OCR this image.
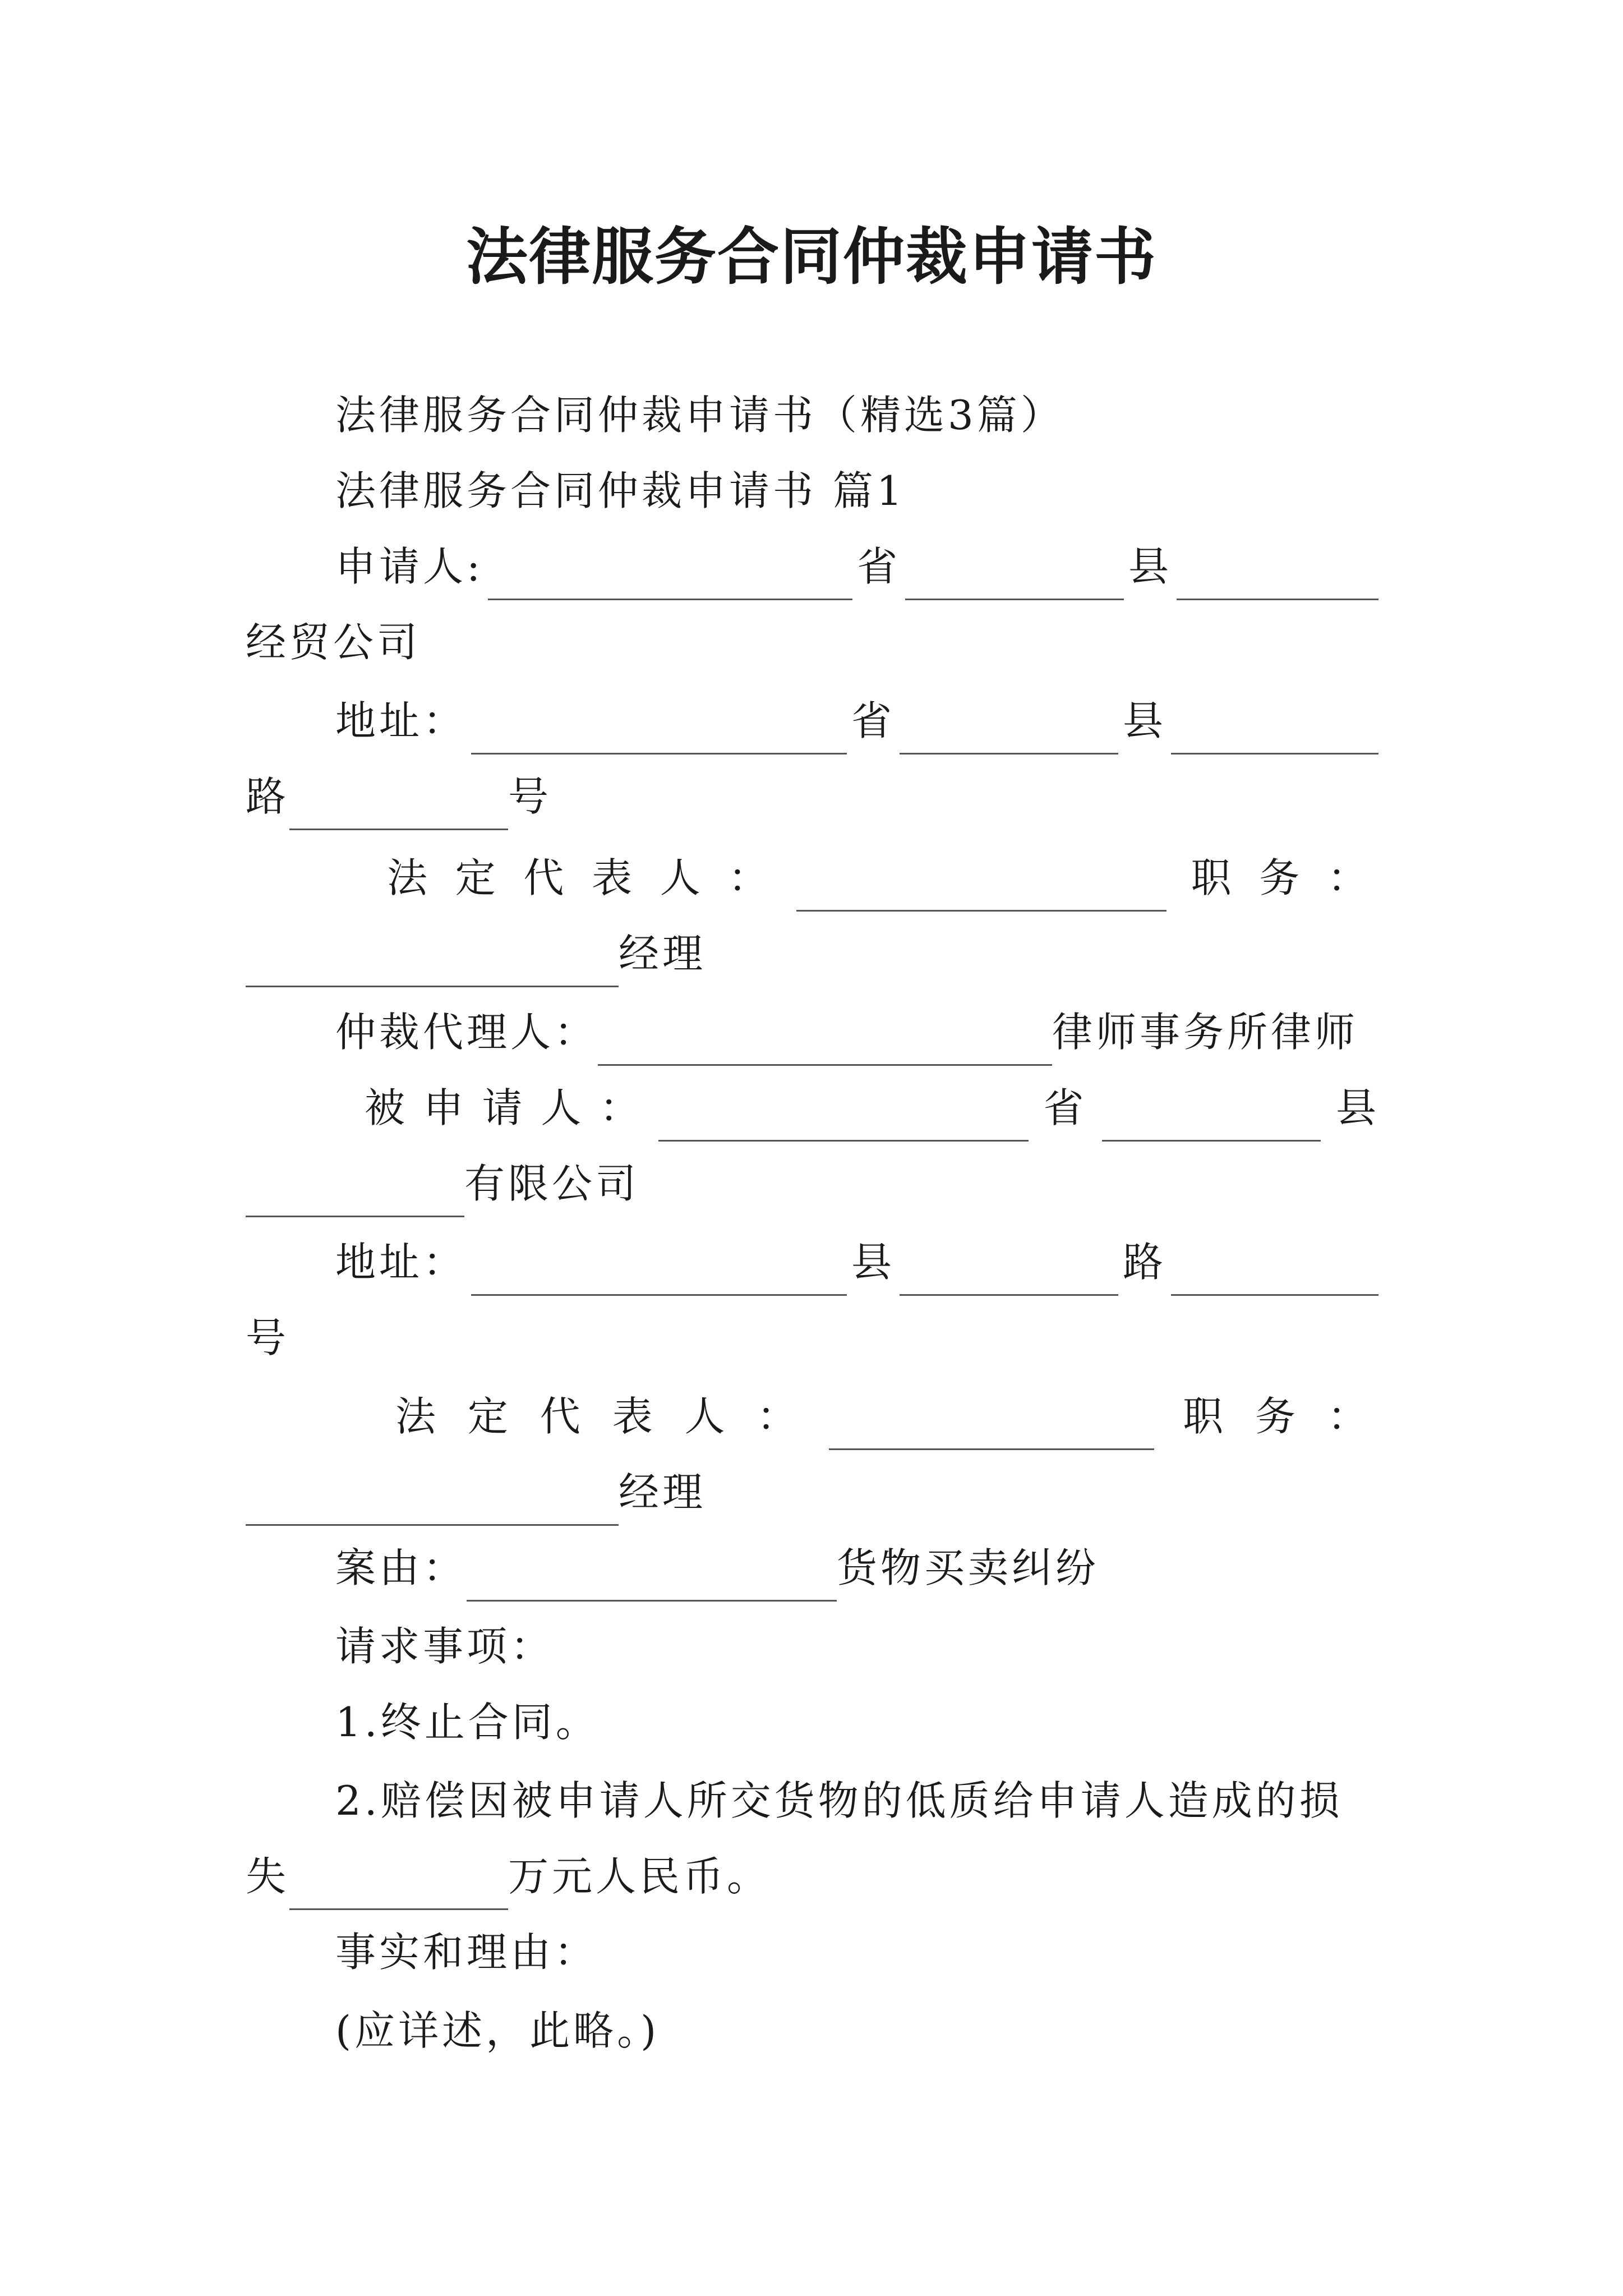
法律服务合同仲裁申请书
法律服务合同仲裁申请书（精选3篇）
法律服务合同仲裁申请书 篇1
申请人:	省	县
经贸公司
地址：	省	县
路	号
法 定 代 表 人 ：	职 务 ：
经理
仲裁代理人：	律师事务所律师
被 申 请 人 ：	省	县
有限公司
地址：	县	路
号
法 定 代 表 人 ：	职 务 ：
经理
案由：	货物买卖纠纷
请求事项：
1.终止合同。
2.赔偿因被申请人所交货物的低质给申请人造成的损
失	万元人民币。
事实和理由：
(应详述，此略。)
